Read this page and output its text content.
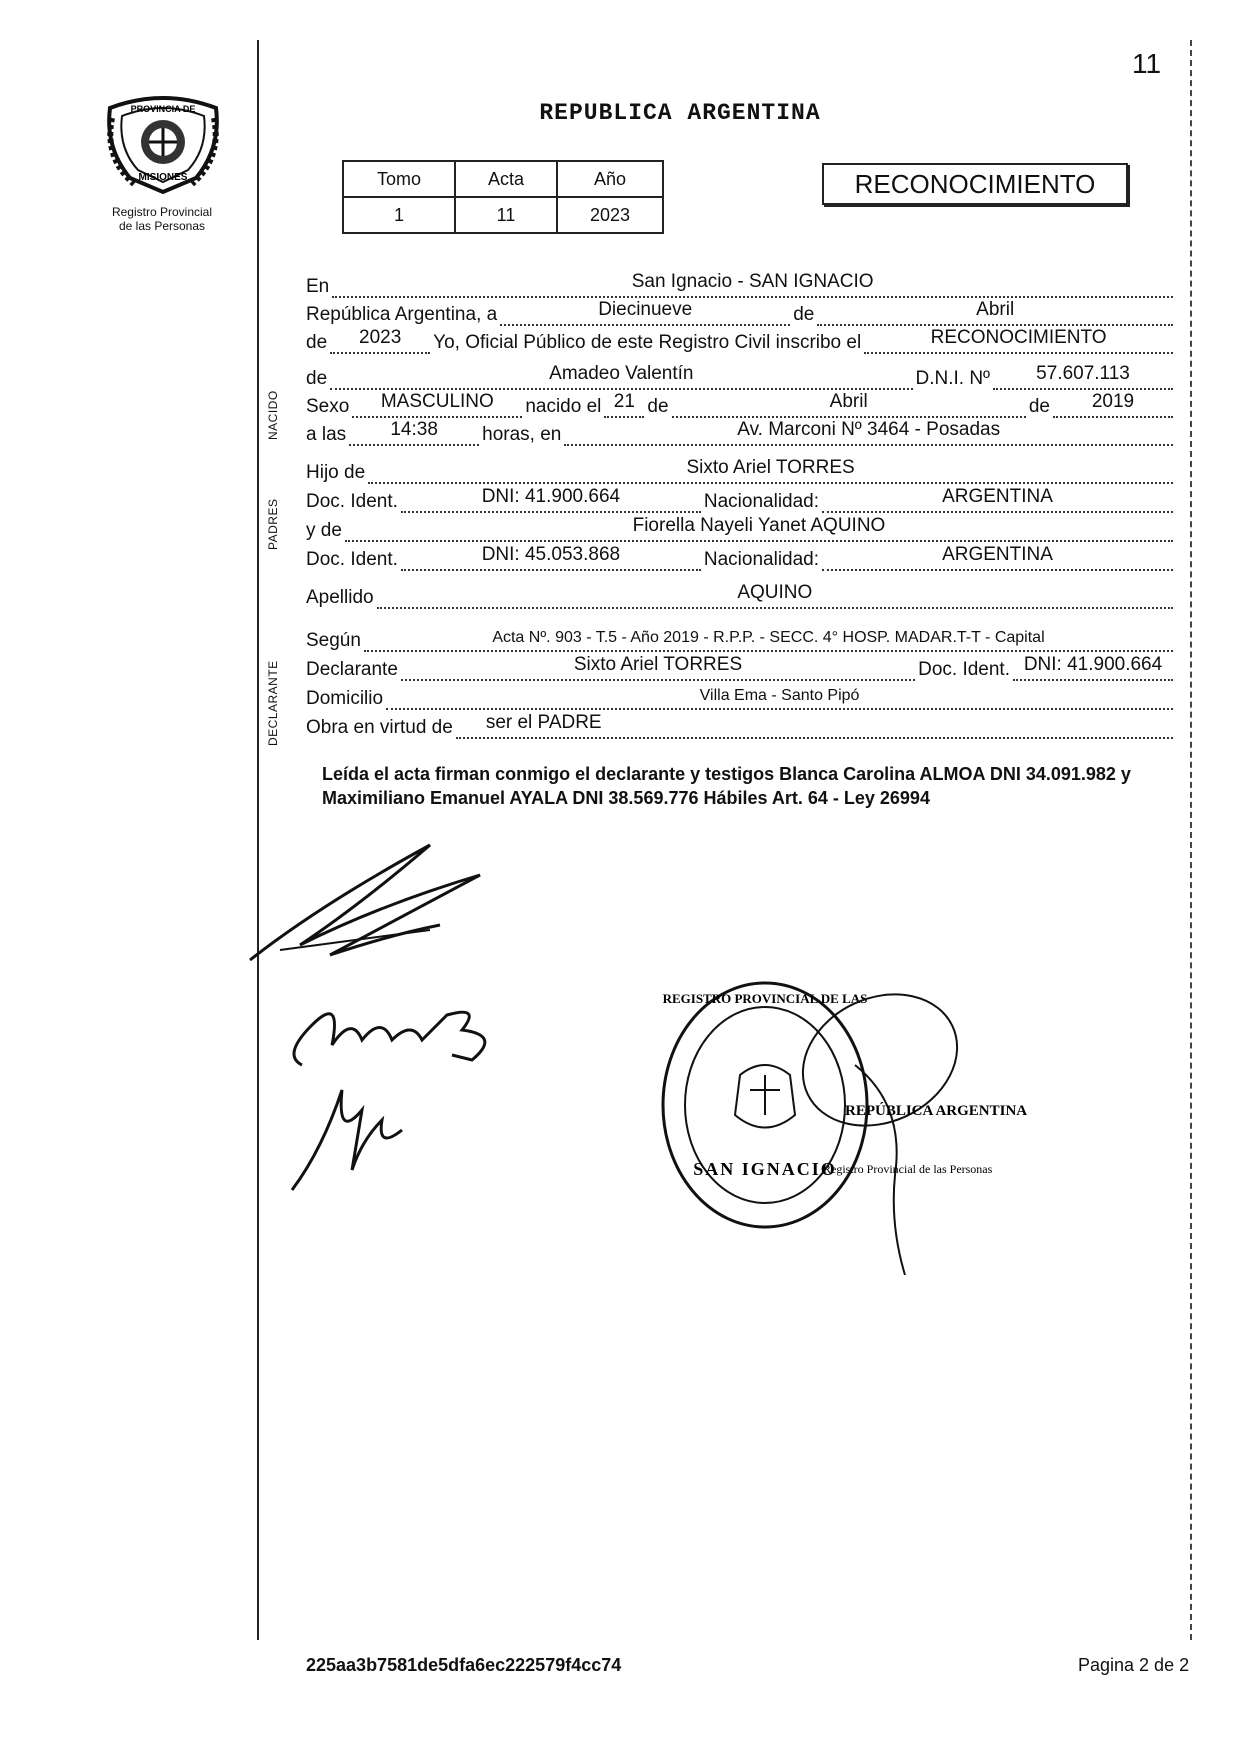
11
PROVINCIA DE
MISIONES
Registro Provincial
de las Personas
REPUBLICA ARGENTINA
Tomo	Acta	Año
1	11	2023
RECONOCIMIENTO
NACIDO
PADRES
DECLARANTE
En	San Ignacio - SAN IGNACIO
República Argentina, a	Diecinueve	de	Abril
de	2023	Yo, Oficial Público de este Registro Civil inscribo el	RECONOCIMIENTO
de	Amadeo Valentín	D.N.I. Nº	57.607.113
Sexo	MASCULINO	nacido el 21 de	Abril	de	2019
a las	14:38	horas, en	Av. Marconi Nº 3464 - Posadas
Hijo de	Sixto Ariel TORRES
Doc. Ident.	DNI: 41.900.664	Nacionalidad:	ARGENTINA
y de	Fiorella Nayeli Yanet AQUINO
Doc. Ident.	DNI: 45.053.868	Nacionalidad:	ARGENTINA
Apellido	AQUINO
Según	Acta Nº. 903 - T.5 - Año 2019 - R.P.P. - SECC. 4° HOSP. MADAR.T-T - Capital
Declarante	Sixto Ariel TORRES	Doc. Ident. DNI: 41.900.664
Domicilio	Villa Ema - Santo Pipó
Obra en virtud de ser el PADRE
Leída el acta firman conmigo el declarante y testigos Blanca Carolina ALMOA DNI 34.091.982 y Maximiliano Emanuel AYALA DNI 38.569.776 Hábiles Art. 64 - Ley 26994
REGISTRO PROVINCIAL DE LAS
SAN IGNACIO
REPÚBLICA ARGENTINA
Registro Provincial de las Personas
225aa3b7581de5dfa6ec222579f4cc74	Pagina 2 de 2
